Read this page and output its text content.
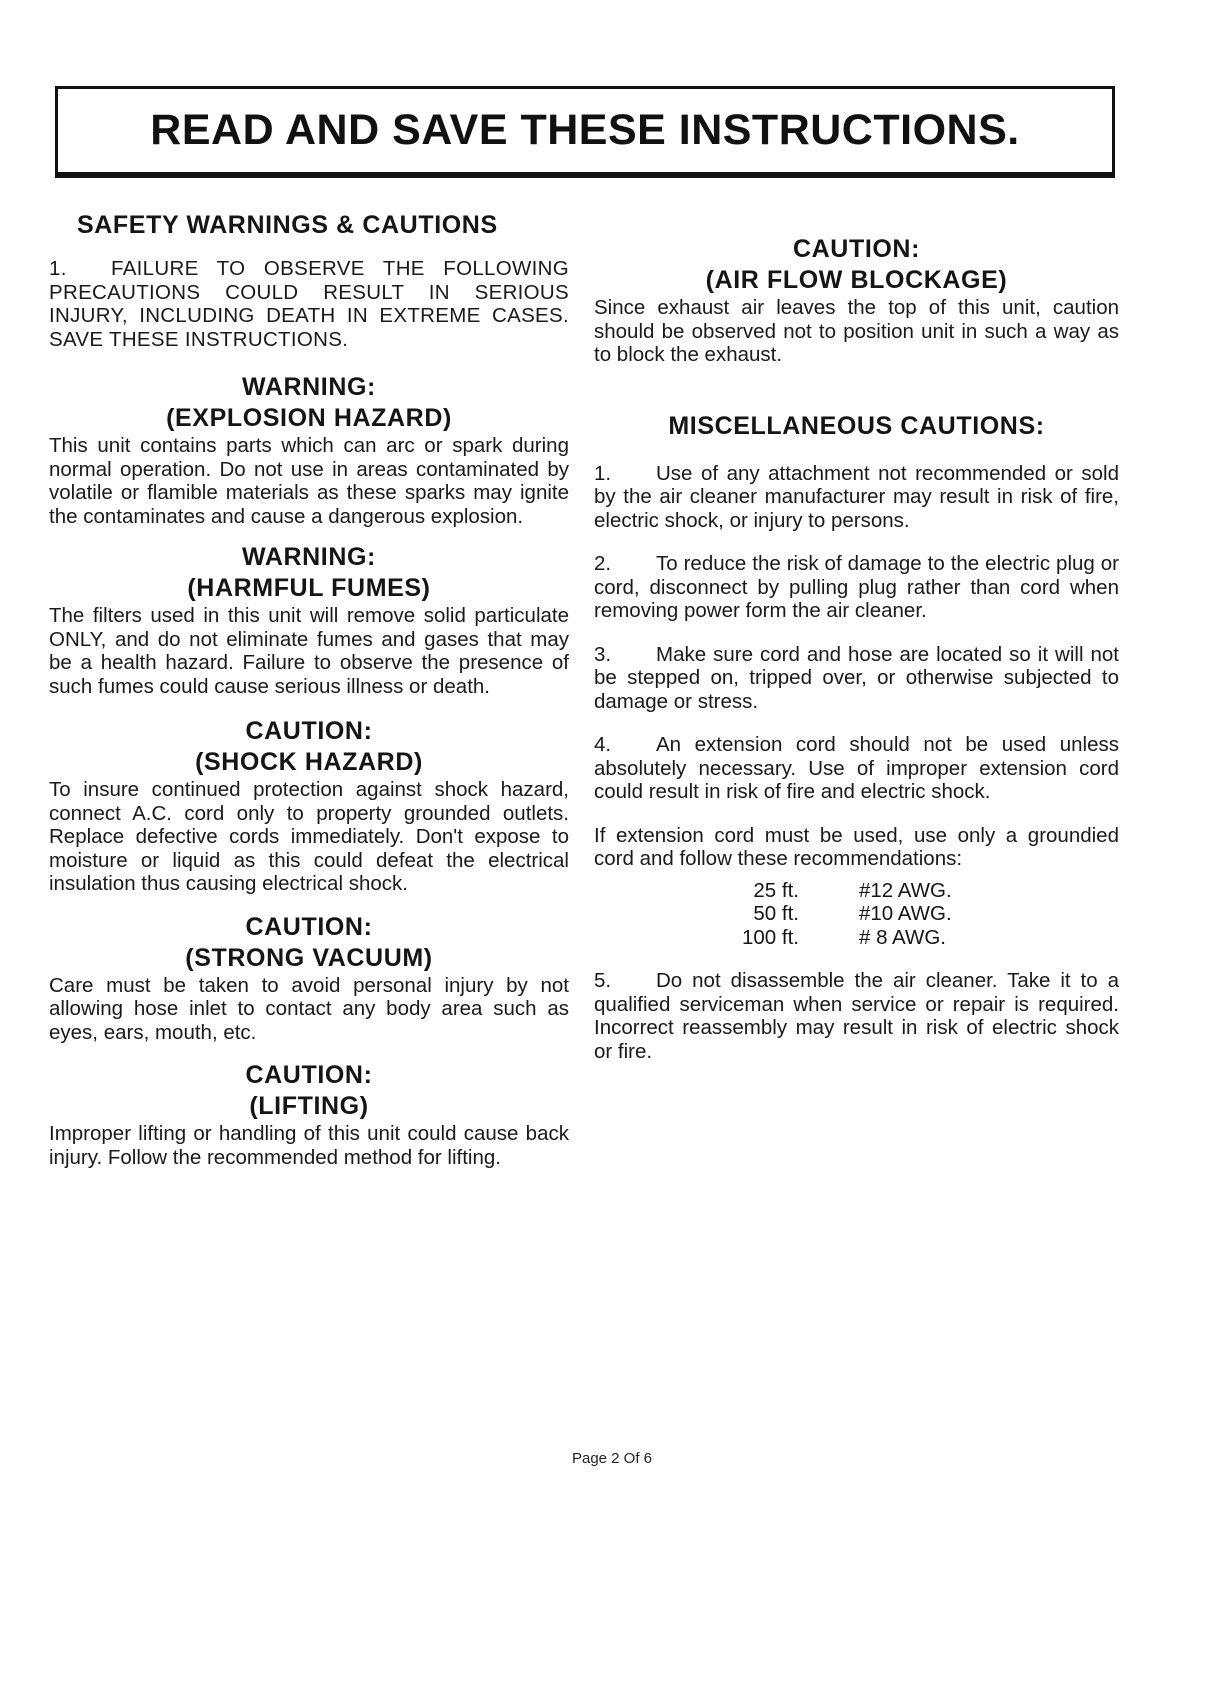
READ AND SAVE THESE INSTRUCTIONS.
SAFETY WARNINGS & CAUTIONS

1. FAILURE TO OBSERVE THE FOLLOWING PRECAUTIONS COULD RESULT IN SERIOUS INJURY, INCLUDING DEATH IN EXTREME CASES. SAVE THESE INSTRUCTIONS.

WARNING:
(EXPLOSION HAZARD)

This unit contains parts which can arc or spark during normal operation. Do not use in areas contaminated by volatile or flamible materials as these sparks may ignite the contaminates and cause a dangerous explosion.

WARNING:
(HARMFUL FUMES)

The filters used in this unit will remove solid particulate ONLY, and do not eliminate fumes and gases that may be a health hazard. Failure to observe the presence of such fumes could cause serious illness or death.

CAUTION:
(SHOCK HAZARD)

To insure continued protection against shock hazard, connect A.C. cord only to property grounded outlets. Replace defective cords immediately. Don't expose to moisture or liquid as this could defeat the electrical insulation thus causing electrical shock.

CAUTION:
(STRONG VACUUM)

Care must be taken to avoid personal injury by not allowing hose inlet to contact any body area such as eyes, ears, mouth, etc.

CAUTION:
(LIFTING)

Improper lifting or handling of this unit could cause back injury. Follow the recommended method for lifting.

CAUTION:
(AIR FLOW BLOCKAGE)

Since exhaust air leaves the top of this unit, caution should be observed not to position unit in such a way as to block the exhaust.

MISCELLANEOUS CAUTIONS:

1. Use of any attachment not recommended or sold by the air cleaner manufacturer may result in risk of fire, electric shock, or injury to persons.

2. To reduce the risk of damage to the electric plug or cord, disconnect by pulling plug rather than cord when removing power form the air cleaner.

3. Make sure cord and hose are located so it will not be stepped on, tripped over, or otherwise subjected to damage or stress.

4. An extension cord should not be used unless absolutely necessary. Use of improper extension cord could result in risk of fire and electric shock.

If extension cord must be used, use only a groundied cord and follow these recommendations:

25 ft.	#12 AWG.
50 ft.	#10 AWG.
100 ft.	# 8 AWG.

5. Do not disassemble the air cleaner. Take it to a qualified serviceman when service or repair is required. Incorrect reassembly may result in risk of electric shock or fire.

Page 2 Of 6
